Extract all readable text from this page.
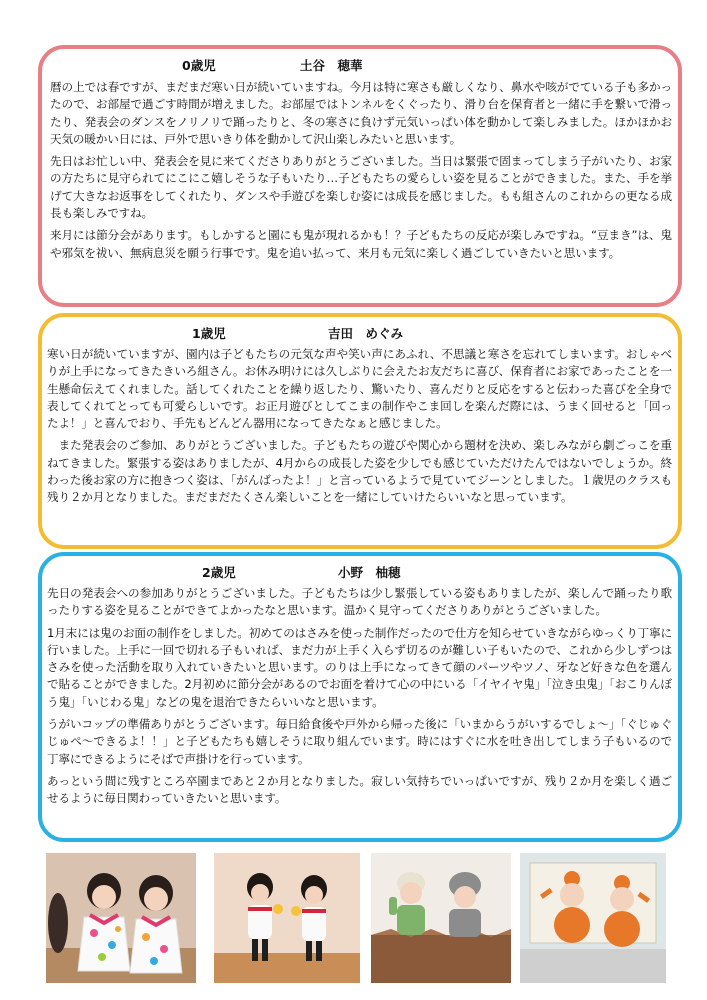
0歳児	土谷　穂華

暦の上では春ですが、まだまだ寒い日が続いていますね。今月は特に寒さも厳しくなり、鼻水や咳がでている子も多かったので、お部屋で過ごす時間が増えました。お部屋ではトンネルをくぐったり、滑り台を保育者と一緒に手を繋いで滑ったり、発表会のダンスをノリノリで踊ったりと、冬の寒さに負けず元気いっぱい体を動かして楽しみました。ほかほかお天気の暖かい日には、戸外で思いきり体を動かして沢山楽しみたいと思います。

先日はお忙しい中、発表会を見に来てくださりありがとうございました。当日は緊張で固まってしまう子がいたり、お家の方たちに見守られてにこにこ嬉しそうな子もいたり…子どもたちの愛らしい姿を見ることができました。また、手を挙げて大きなお返事をしてくれたり、ダンスや手遊びを楽しむ姿には成長を感じました。もも組さんのこれからの更なる成長も楽しみですね。

来月には節分会があります。もしかすると園にも鬼が現れるかも！？子どもたちの反応が楽しみですね。“豆まき”は、鬼や邪気を祓い、無病息災を願う行事です。鬼を追い払って、来月も元気に楽しく過ごしていきたいと思います。

1歳児	吉田　めぐみ

寒い日が続いていますが、園内は子どもたちの元気な声や笑い声にあふれ、不思議と寒さを忘れてしまいます。おしゃべりが上手になってきたきいろ組さん。お休み明けには久しぶりに会えたお友だちに喜び、保育者にお家であったことを一生懸命伝えてくれました。話してくれたことを繰り返したり、驚いたり、喜んだりと反応をすると伝わった喜びを全身で表してくれてとっても可愛らしいです。お正月遊びとしてこまの制作やこま回しを楽んだ際には、うまく回せると「回ったよ！」と喜んでおり、手先もどんどん器用になってきたなぁと感じました。

　また発表会のご参加、ありがとうございました。子どもたちの遊びや関心から題材を決め、楽しみながら劇ごっこを重ねてきました。緊張する姿はありましたが、4月からの成長した姿を少しでも感じていただけたんではないでしょうか。終わった後お家の方に抱きつく姿は、「がんばったよ！」と言っているようで見ていてジーンとしました。１歳児のクラスも残り２か月となりました。まだまだたくさん楽しいことを一緒にしていけたらいいなと思っています。

2歳児	小野　柚穂

先日の発表会への参加ありがとうございました。子どもたちは少し緊張している姿もありましたが、楽しんで踊ったり歌ったりする姿を見ることができてよかったなと思います。温かく見守ってくださりありがとうございました。

1月末には鬼のお面の制作をしました。初めてのはさみを使った制作だったので仕方を知らせていきながらゆっくり丁寧に行いました。上手に一回で切れる子もいれば、まだ力が上手く入らず切るのが難しい子もいたので、これから少しずつはさみを使った活動を取り入れていきたいと思います。のりは上手になってきて顔のパーツやツノ、牙など好きな色を選んで貼ることができました。2月初めに節分会があるのでお面を着けて心の中にいる「イヤイヤ鬼」「泣き虫鬼」「おこりんぼう鬼」「いじわる鬼」などの鬼を退治できたらいいなと思います。

うがいコップの準備ありがとうございます。毎日給食後や戸外から帰った後に「いまからうがいするでしょ～」「ぐじゅぐじゅぺ～できるよ！！」と子どもたちも嬉しそうに取り組んでいます。時にはすぐに水を吐き出してしまう子もいるので丁寧にできるようにそばで声掛けを行っています。

あっという間に残すところ卒園まであと２か月となりました。寂しい気持ちでいっぱいですが、残り２か月を楽しく過ごせるように毎日関わっていきたいと思います。
